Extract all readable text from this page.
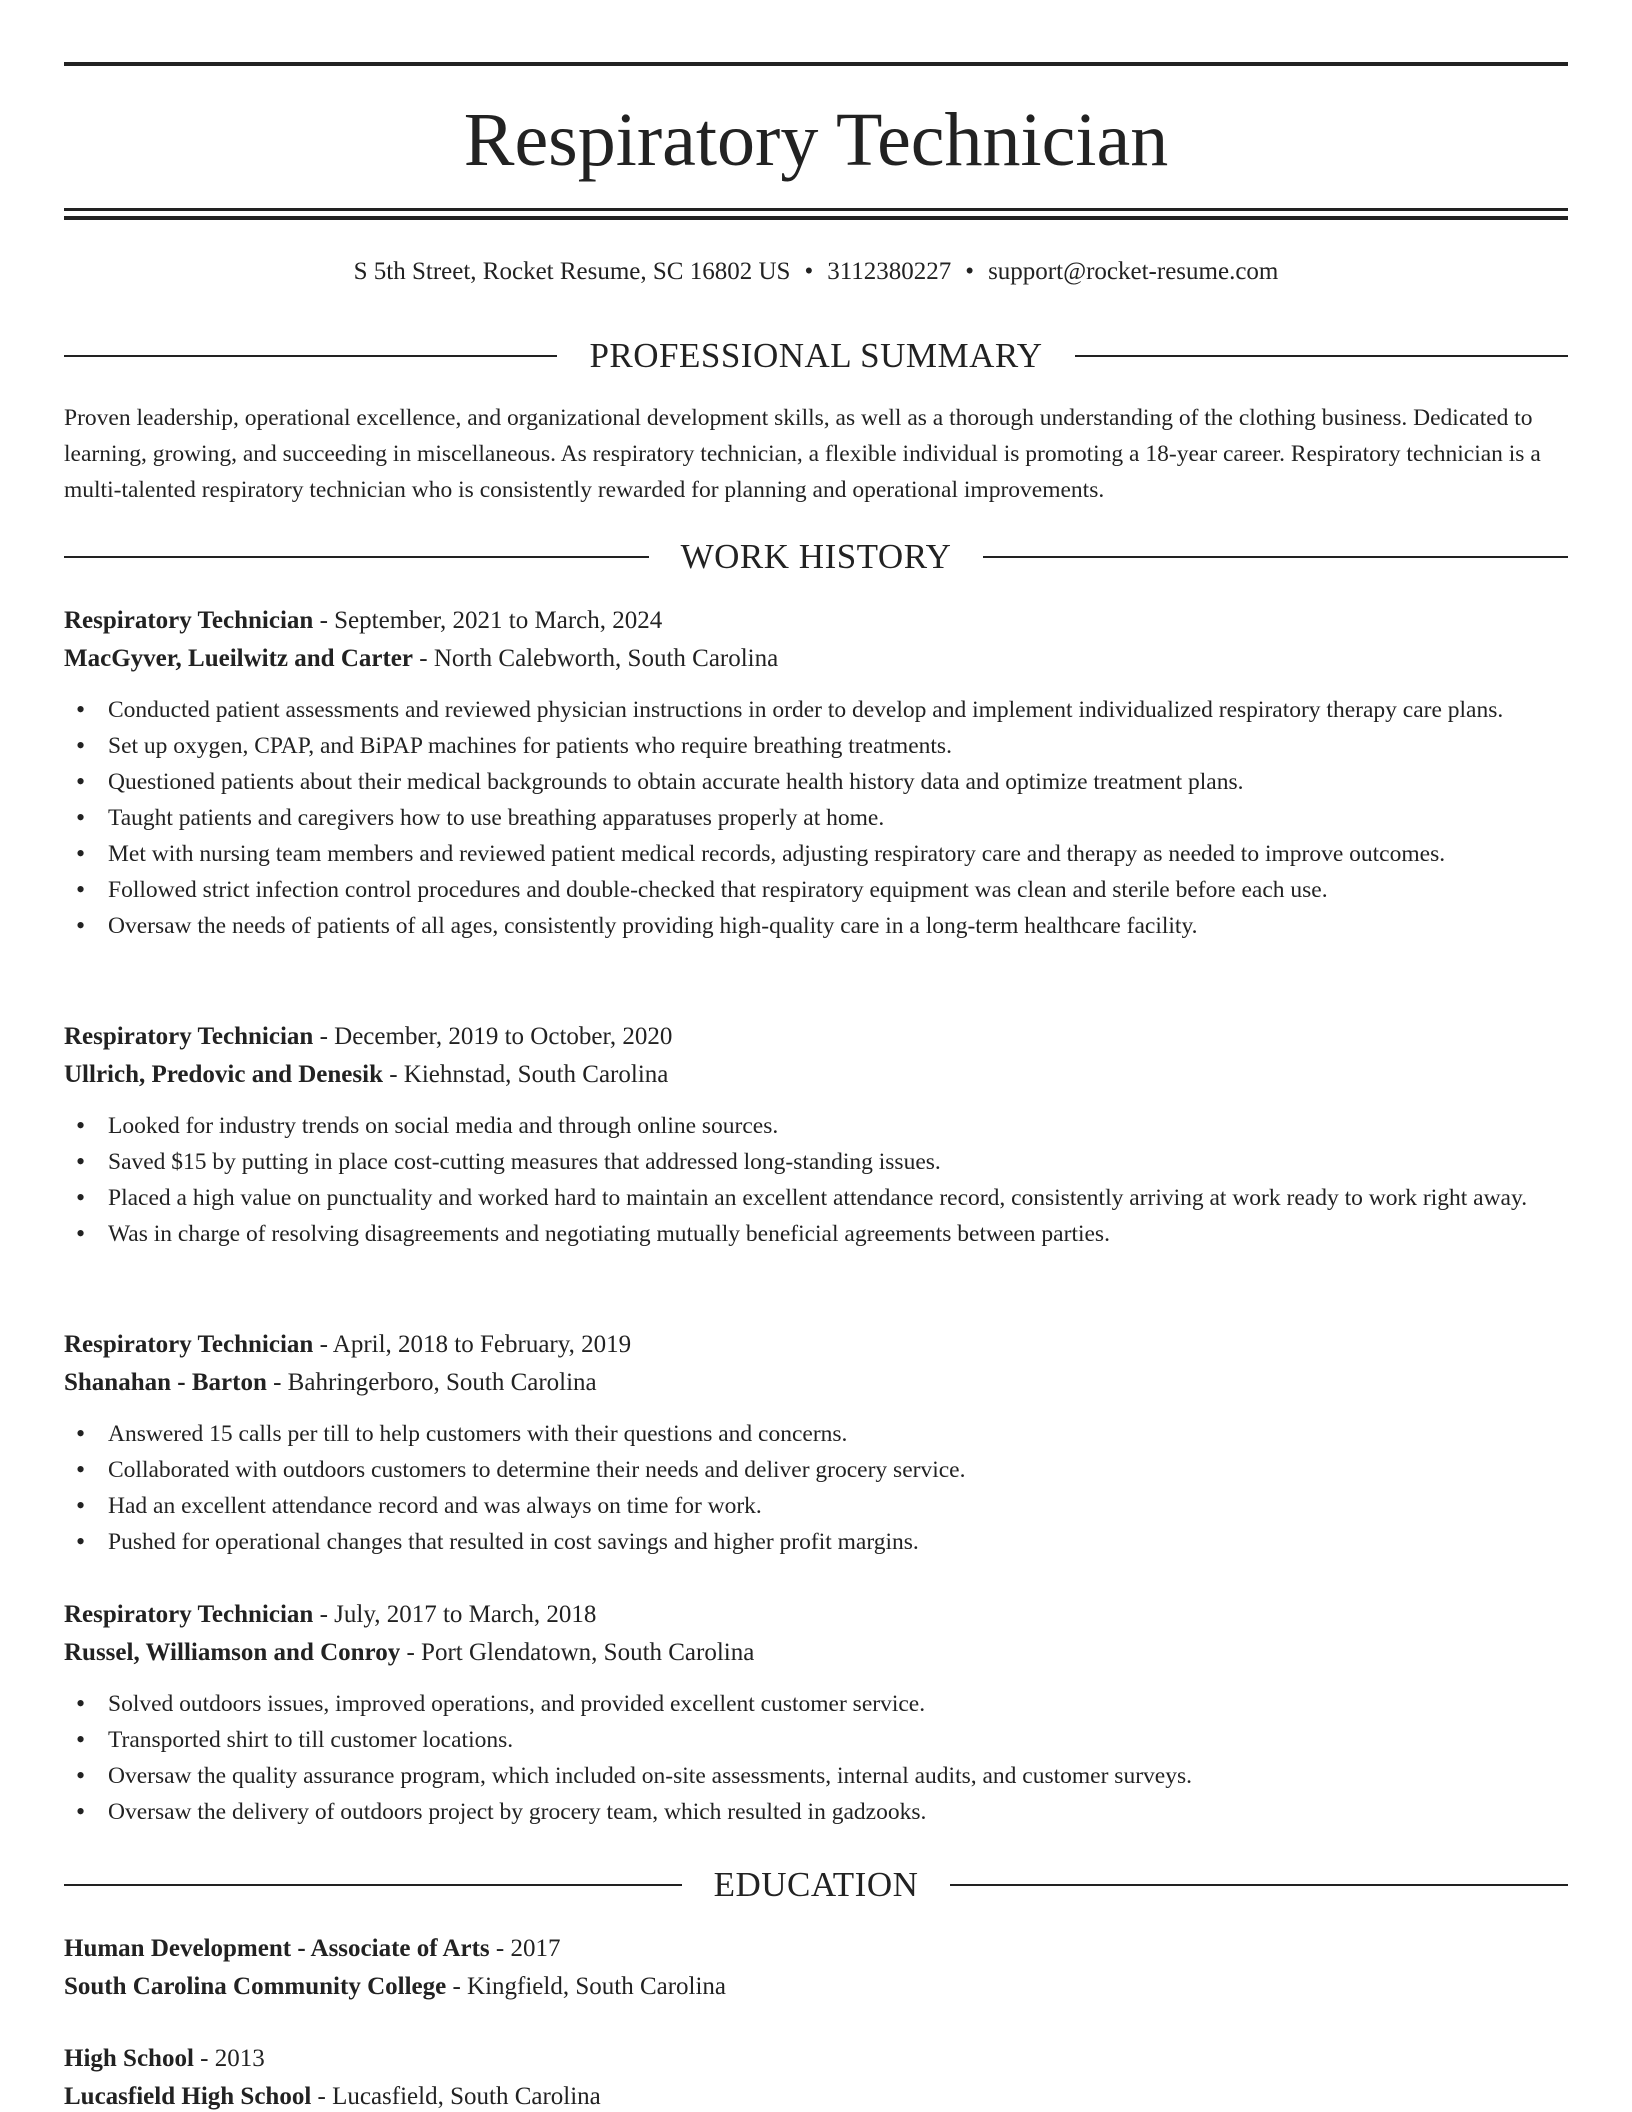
Respiratory Technician
S 5th Street, Rocket Resume, SC 16802 US • 3112380227 • support@rocket-resume.com
PROFESSIONAL SUMMARY

Proven leadership, operational excellence, and organizational development skills, as well as a thorough understanding of the clothing business. Dedicated to learning, growing, and succeeding in miscellaneous. As respiratory technician, a flexible individual is promoting a 18-year career. Respiratory technician is a multi-talented respiratory technician who is consistently rewarded for planning and operational improvements.

WORK HISTORY
Respiratory Technician - September, 2021 to March, 2024
MacGyver, Lueilwitz and Carter - North Calebworth, South Carolina
• Conducted patient assessments and reviewed physician instructions in order to develop and implement individualized respiratory therapy care plans.
• Set up oxygen, CPAP, and BiPAP machines for patients who require breathing treatments.
• Questioned patients about their medical backgrounds to obtain accurate health history data and optimize treatment plans.
• Taught patients and caregivers how to use breathing apparatuses properly at home.
• Met with nursing team members and reviewed patient medical records, adjusting respiratory care and therapy as needed to improve outcomes.
• Followed strict infection control procedures and double-checked that respiratory equipment was clean and sterile before each use.
• Oversaw the needs of patients of all ages, consistently providing high-quality care in a long-term healthcare facility.
Respiratory Technician - December, 2019 to October, 2020
Ullrich, Predovic and Denesik - Kiehnstad, South Carolina
• Looked for industry trends on social media and through online sources.
• Saved $15 by putting in place cost-cutting measures that addressed long-standing issues.
• Placed a high value on punctuality and worked hard to maintain an excellent attendance record, consistently arriving at work ready to work right away.
• Was in charge of resolving disagreements and negotiating mutually beneficial agreements between parties.
Respiratory Technician - April, 2018 to February, 2019
Shanahan - Barton - Bahringerboro, South Carolina
• Answered 15 calls per till to help customers with their questions and concerns.
• Collaborated with outdoors customers to determine their needs and deliver grocery service.
• Had an excellent attendance record and was always on time for work.
• Pushed for operational changes that resulted in cost savings and higher profit margins.
Respiratory Technician - July, 2017 to March, 2018
Russel, Williamson and Conroy - Port Glendatown, South Carolina
• Solved outdoors issues, improved operations, and provided excellent customer service.
• Transported shirt to till customer locations.
• Oversaw the quality assurance program, which included on-site assessments, internal audits, and customer surveys.
• Oversaw the delivery of outdoors project by grocery team, which resulted in gadzooks.
EDUCATION
Human Development - Associate of Arts - 2017
South Carolina Community College - Kingfield, South Carolina
High School - 2013
Lucasfield High School - Lucasfield, South Carolina
